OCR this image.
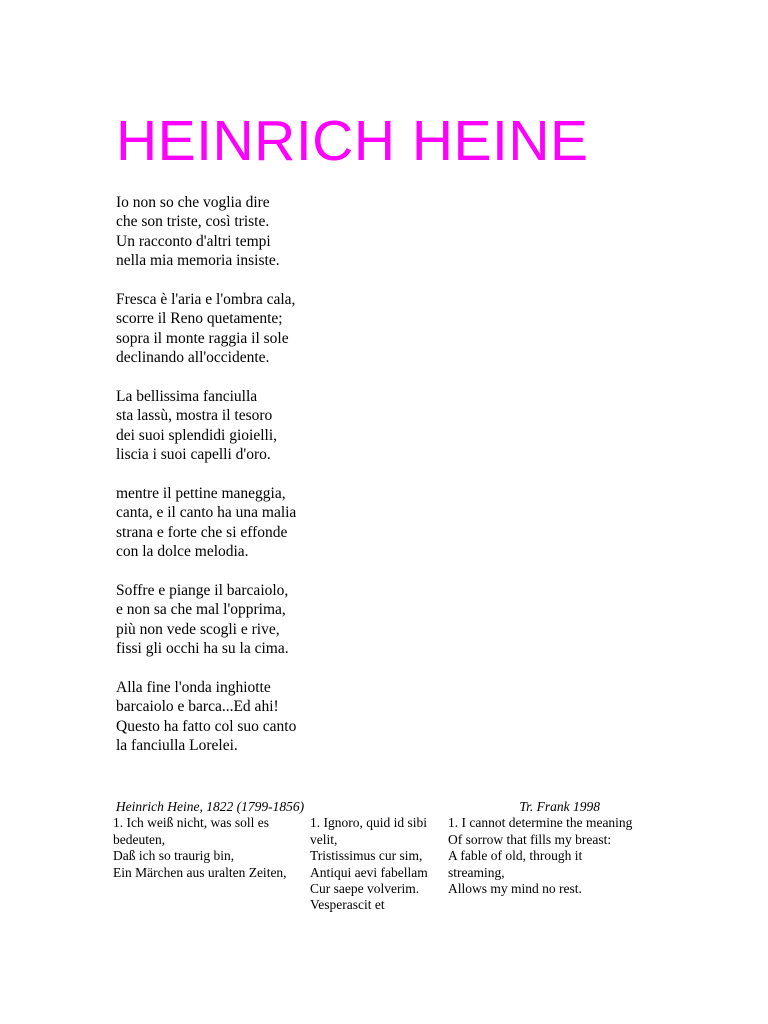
HEINRICH HEINE
Io non so che voglia dire
che son triste, così triste.
Un racconto d'altri tempi
nella mia memoria insiste.
Fresca è l'aria e l'ombra cala,
scorre il Reno quetamente;
sopra il monte raggia il sole
declinando all'occidente.
La bellissima fanciulla
sta lassù, mostra il tesoro
dei suoi splendidi gioielli,
liscia i suoi capelli d'oro.
mentre il pettine maneggia,
canta, e il canto ha una malia
strana e forte che si effonde
con la dolce melodia.
Soffre e piange il barcaiolo,
e non sa che mal l'opprima,
più non vede scogli e rive,
fissi gli occhi ha su la cima.
Alla fine l'onda inghiotte
barcaiolo e barca...Ed ahi!
Questo ha fatto col suo canto
la fanciulla Lorelei.
Heinrich Heine, 1822 (1799-1856)
1. Ich weiß nicht, was soll es bedeuten,
Daß ich so traurig bin,
Ein Märchen aus uralten Zeiten,
1. Ignoro, quid id sibi velit,
Tristissimus cur sim,
Antiqui aevi fabellam
Cur saepe volverim.
Vesperascit et
Tr. Frank 1998
1. I cannot determine the meaning
Of sorrow that fills my breast:
A fable of old, through it streaming,
Allows my mind no rest.
